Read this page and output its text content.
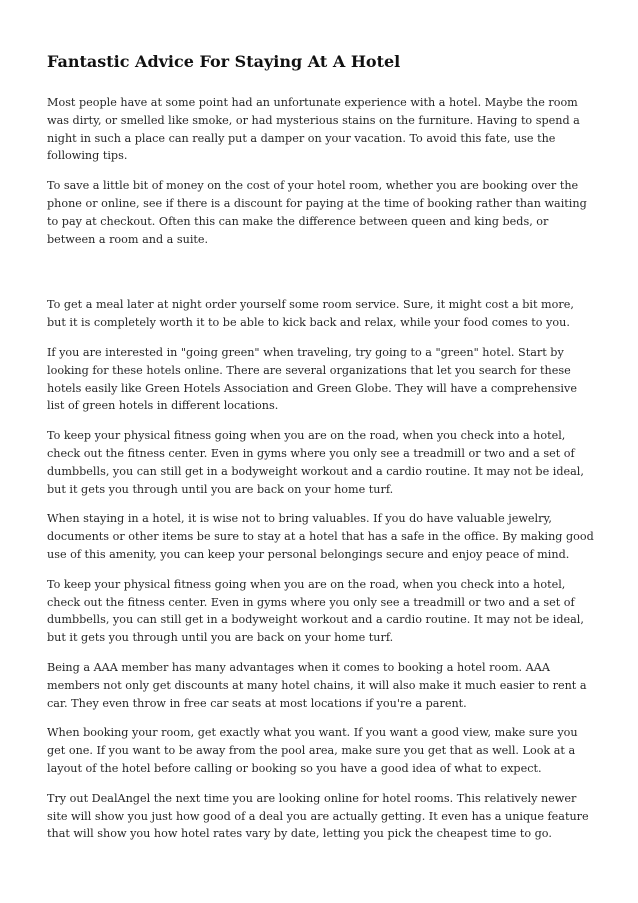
Fantastic Advice For Staying At A Hotel

Most people have at some point had an unfortunate experience with a hotel. Maybe the room was dirty, or smelled like smoke, or had mysterious stains on the furniture. Having to spend a night in such a place can really put a damper on your vacation. To avoid this fate, use the following tips.

To save a little bit of money on the cost of your hotel room, whether you are booking over the phone or online, see if there is a discount for paying at the time of booking rather than waiting to pay at checkout. Often this can make the difference between queen and king beds, or between a room and a suite.

To get a meal later at night order yourself some room service. Sure, it might cost a bit more, but it is completely worth it to be able to kick back and relax, while your food comes to you.

If you are interested in "going green" when traveling, try going to a "green" hotel. Start by looking for these hotels online. There are several organizations that let you search for these hotels easily like Green Hotels Association and Green Globe. They will have a comprehensive list of green hotels in different locations.

To keep your physical fitness going when you are on the road, when you check into a hotel, check out the fitness center. Even in gyms where you only see a treadmill or two and a set of dumbbells, you can still get in a bodyweight workout and a cardio routine. It may not be ideal, but it gets you through until you are back on your home turf.

When staying in a hotel, it is wise not to bring valuables. If you do have valuable jewelry, documents or other items be sure to stay at a hotel that has a safe in the office. By making good use of this amenity, you can keep your personal belongings secure and enjoy peace of mind.

To keep your physical fitness going when you are on the road, when you check into a hotel, check out the fitness center. Even in gyms where you only see a treadmill or two and a set of dumbbells, you can still get in a bodyweight workout and a cardio routine. It may not be ideal, but it gets you through until you are back on your home turf.

Being a AAA member has many advantages when it comes to booking a hotel room. AAA members not only get discounts at many hotel chains, it will also make it much easier to rent a car. They even throw in free car seats at most locations if you're a parent.

When booking your room, get exactly what you want. If you want a good view, make sure you get one. If you want to be away from the pool area, make sure you get that as well. Look at a layout of the hotel before calling or booking so you have a good idea of what to expect.

Try out DealAngel the next time you are looking online for hotel rooms. This relatively newer site will show you just how good of a deal you are actually getting. It even has a unique feature that will show you how hotel rates vary by date, letting you pick the cheapest time to go.
